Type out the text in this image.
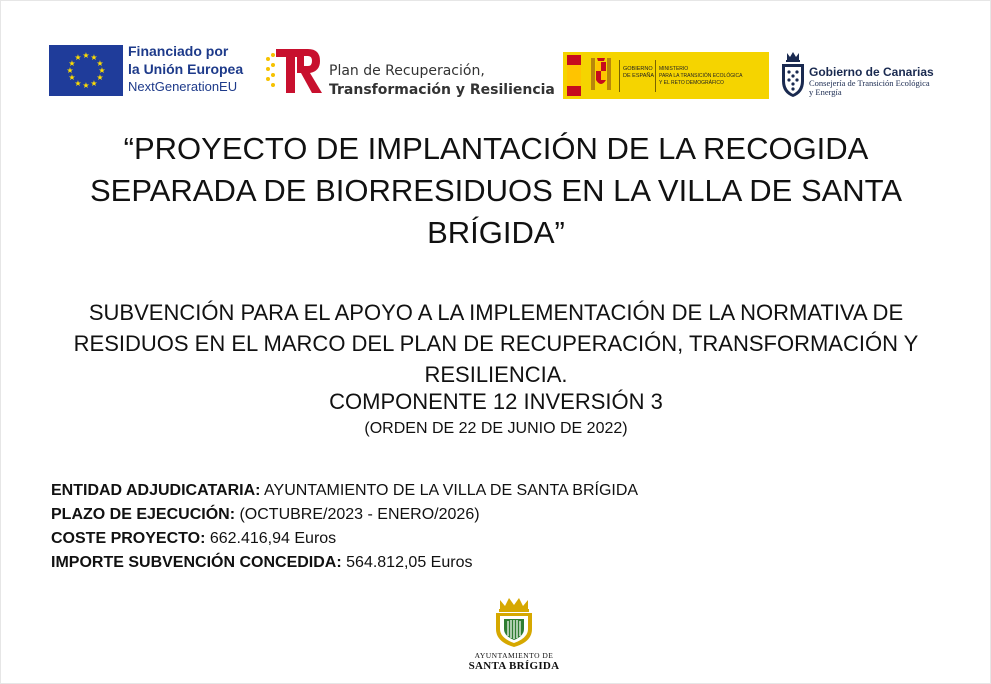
★ ★
★
★
★
★
★
★
★
★
★
★	Financiado por
la Unión Europea
NextGenerationEU
Plan de Recuperación,
Transformación y Resiliencia
GOBIERNO
DE ESPAÑA
MINISTERIO
PARA LA TRANSICIÓN ECOLÓGICA
Y EL RETO DEMOGRÁFICO
Gobierno de Canarias
Consejería de Transición Ecológica
y Energía
“PROYECTO DE IMPLANTACIÓN DE LA RECOGIDA SEPARADA DE BIORRESIDUOS EN LA VILLA DE SANTA BRÍGIDA”

SUBVENCIÓN PARA EL APOYO A LA IMPLEMENTACIÓN DE LA NORMATIVA DE RESIDUOS EN EL MARCO DEL PLAN DE RECUPERACIÓN, TRANSFORMACIÓN Y RESILIENCIA.

COMPONENTE 12 INVERSIÓN 3

(ORDEN DE 22 DE JUNIO DE 2022)

ENTIDAD ADJUDICATARIA: AYUNTAMIENTO DE LA VILLA DE SANTA BRÍGIDA
PLAZO DE EJECUCIÓN: (OCTUBRE/2023 - ENERO/2026)
COSTE PROYECTO: 662.416,94 Euros
IMPORTE SUBVENCIÓN CONCEDIDA: 564.812,05 Euros
AYUNTAMIENTO DE
SANTA BRÍGIDA
